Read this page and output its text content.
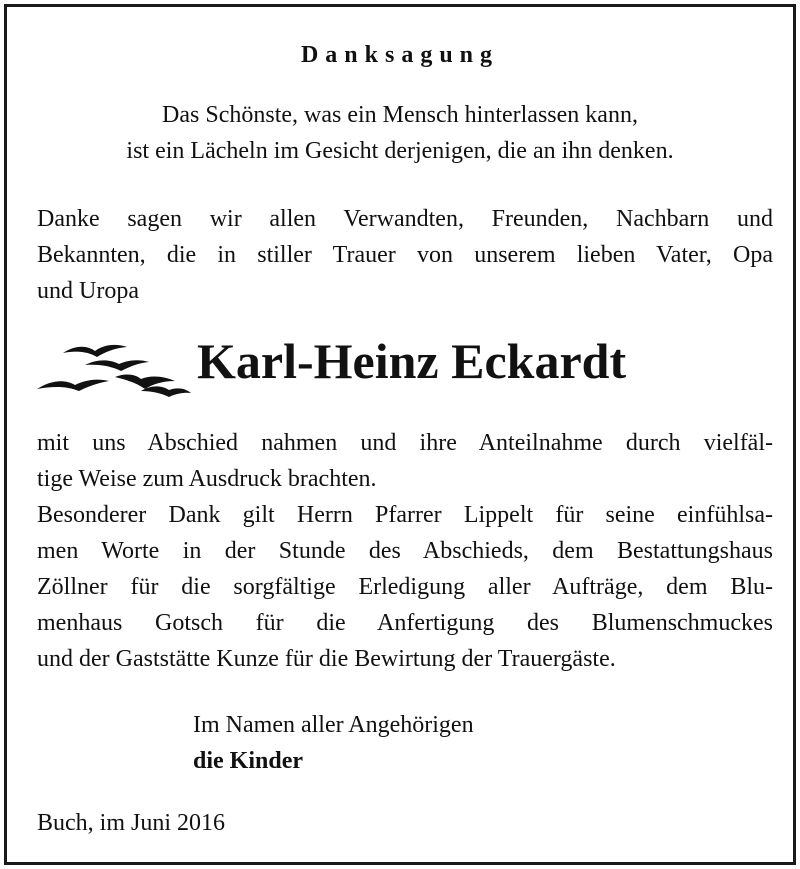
Danksagung
Das Schönste, was ein Mensch hinterlassen kann,
ist ein Lächeln im Gesicht derjenigen, die an ihn denken.
Danke sagen wir allen Verwandten, Freunden, Nachbarn und
Bekannten, die in stiller Trauer von unserem lieben Vater, Opa
und Uropa
Karl-Heinz Eckardt
mit uns Abschied nahmen und ihre Anteilnahme durch vielfäl-
tige Weise zum Ausdruck brachten.
Besonderer Dank gilt Herrn Pfarrer Lippelt für seine einfühlsa-
men Worte in der Stunde des Abschieds, dem Bestattungshaus
Zöllner für die sorgfältige Erledigung aller Aufträge, dem Blu-
menhaus Gotsch für die Anfertigung des Blumenschmuckes
und der Gaststätte Kunze für die Bewirtung der Trauergäste.
Im Namen aller Angehörigen
die Kinder
Buch, im Juni 2016
